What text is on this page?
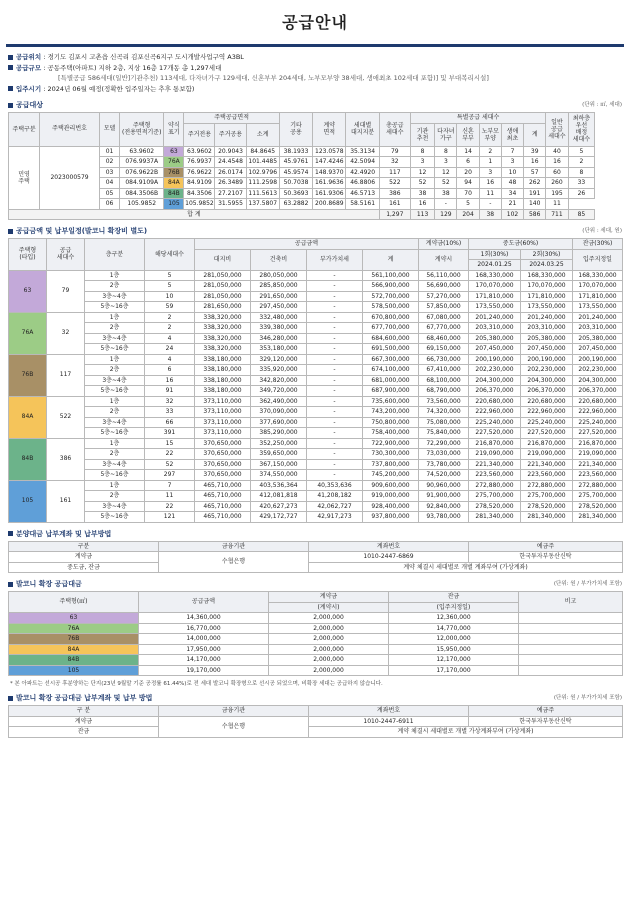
공급안내
공급위치 : 경기도 김포시 고촌읍 신곡리 김포신곡6지구 도시개발사업구역 A3BL
공급규모 : 공동주택(아파트) 지하 2층, 지상 16층 17개동 총 1,297세대
[특별공급 586세대(일반]기관추천) 113세대, 다자녀가구 129세대, 신혼부부 204세대, 노부모부양 38세대, 생애최초 102세대 포함)] 및 부대복리시설]
입주시기 : 2024년 06월 예정(정확한 입주일자는 추후 통보함)
공급대상	(단위 : ㎡, 세대)
주택구분	주택관리번호	모델	주택형
(전용면적기준)	약식
표기	주택공급면적			기타
공용	계약
면적	세대별
대지지분	총공급
세대수	특별공급 세대수						일반
공급
세대수	최하층
우선
배정
세대수
					주거전용	주거공용	소계					기관
추천	다자녀
가구	신혼
부부	노부모
부양	생애
최초	계		
민영
주택	2023000579	01	63.9602	63	63.9602	20.9043	84.8645	38.1933	123.0578	35.3134	79	8	8	14	2	7	39	40	5
		02	076.9937A	76A	76.9937	24.4548	101.4485	45.9761	147.4246	42.5094	32	3	3	6	1	3	16	16	2
		03	076.9622B	76B	76.9622	26.0174	102.9796	45.9574	148.9370	42.4920	117	12	12	20	3	10	57	60	8
		04	084.9109A	84A	84.9109	26.3489	111.2598	50.7038	161.9636	46.8806	522	52	52	94	16	48	262	260	33
		05	084.3506B	84B	84.3506	27.2107	111.5613	50.3693	161.9306	46.5713	386	38	38	70	11	34	191	195	26
		06	105.9852	105	105.9852	31.5955	137.5807	63.2882	200.8689	58.5161	161	16	-	5	-	21	140	11	
합 계											1,297	113	129	204	38	102	586	711	85
공급금액 및 납부일정(발코니 확장비 별도)	(단위 : 세대, 원)
주택형
(타입)	공급
세대수	층구분	해당세대수	공급금액				계약금(10%)	중도금(60%)		잔금(30%)
				대지비	건축비	부가가치세	계	계약시	1회(30%)	2회(30%)	입주지정일
									2024.01.25	2024.03.25	
63	79	1층	5	281,050,000	280,050,000	-	561,100,000	56,110,000	168,330,000	168,330,000	168,330,000
		2층	5	281,050,000	285,850,000	-	566,900,000	56,690,000	170,070,000	170,070,000	170,070,000
		3층~4층	10	281,050,000	291,650,000	-	572,700,000	57,270,000	171,810,000	171,810,000	171,810,000
		5층~16층	59	281,650,000	297,450,000	-	578,500,000	57,850,000	173,550,000	173,550,000	173,550,000
76A	32	1층	2	338,320,000	332,480,000	-	670,800,000	67,080,000	201,240,000	201,240,000	201,240,000
		2층	2	338,320,000	339,380,000	-	677,700,000	67,770,000	203,310,000	203,310,000	203,310,000
		3층~4층	4	338,320,000	346,280,000	-	684,600,000	68,460,000	205,380,000	205,380,000	205,380,000
		5층~16층	24	338,320,000	353,180,000	-	691,500,000	69,150,000	207,450,000	207,450,000	207,450,000
76B	117	1층	4	338,180,000	329,120,000	-	667,300,000	66,730,000	200,190,000	200,190,000	200,190,000
		2층	6	338,180,000	335,920,000	-	674,100,000	67,410,000	202,230,000	202,230,000	202,230,000
		3층~4층	16	338,180,000	342,820,000	-	681,000,000	68,100,000	204,300,000	204,300,000	204,300,000
		5층~16층	91	338,180,000	349,720,000	-	687,900,000	68,790,000	206,370,000	206,370,000	206,370,000
84A	522	1층	32	373,110,000	362,490,000	-	735,600,000	73,560,000	220,680,000	220,680,000	220,680,000
		2층	33	373,110,000	370,090,000	-	743,200,000	74,320,000	222,960,000	222,960,000	222,960,000
		3층~4층	66	373,110,000	377,690,000	-	750,800,000	75,080,000	225,240,000	225,240,000	225,240,000
		5층~16층	391	373,110,000	385,290,000	-	758,400,000	75,840,000	227,520,000	227,520,000	227,520,000
84B	386	1층	15	370,650,000	352,250,000	-	722,900,000	72,290,000	216,870,000	216,870,000	216,870,000
		2층	22	370,650,000	359,650,000	-	730,300,000	73,030,000	219,090,000	219,090,000	219,090,000
		3층~4층	52	370,650,000	367,150,000	-	737,800,000	73,780,000	221,340,000	221,340,000	221,340,000
		5층~16층	297	370,650,000	374,550,000	-	745,200,000	74,520,000	223,560,000	223,560,000	223,560,000
105	161	1층	7	465,710,000	403,536,364	40,353,636	909,600,000	90,960,000	272,880,000	272,880,000	272,880,000
		2층	11	465,710,000	412,081,818	41,208,182	919,000,000	91,900,000	275,700,000	275,700,000	275,700,000
		3층~4층	22	465,710,000	420,627,273	42,062,727	928,400,000	92,840,000	278,520,000	278,520,000	278,520,000
		5층~16층	121	465,710,000	429,172,727	42,917,273	937,800,000	93,780,000	281,340,000	281,340,000	281,340,000
분양대금 납부계좌 및 납부방법
구분	금융기관	계좌번호	예금주
계약금	수협은행	1010-2447-6869	한국투자부동산신탁
중도금, 잔금		계약 체결시 세대별로 개별 계좌부여 (가상계좌)	
발코니 확장 공급대금	(단위: 원 / 부가가치세 포함)
주택형(㎡)	공급금액	계약금	잔금	비고
		(계약시)	(입주지정일)	
63	14,360,000	2,000,000	12,360,000	
76A	16,770,000	2,000,000	14,770,000	
76B	14,000,000	2,000,000	12,000,000	
84A	17,950,000	2,000,000	15,950,000	
84B	14,170,000	2,000,000	12,170,000	
105	19,170,000	2,000,000	17,170,000	
* 본 아파트는 선시공 후분양하는 단지(23년 9월말 기준 공정률 61.44%)로 전 세대 발코니 확장형으로 선시공 되었으며, 비확장 세대는 공급하지 않습니다.
발코니 확장 공급대금 납부계좌 및 납부 방법	(단위: 원 / 부가가치세 포함)
구 분	금융기관	계좌번호	예금주
계약금	수협은행	1010-2447-6911	한국투자부동산신탁
잔금		계약 체결시 세대별로 개별 가상계좌부여 (가상계좌)	
